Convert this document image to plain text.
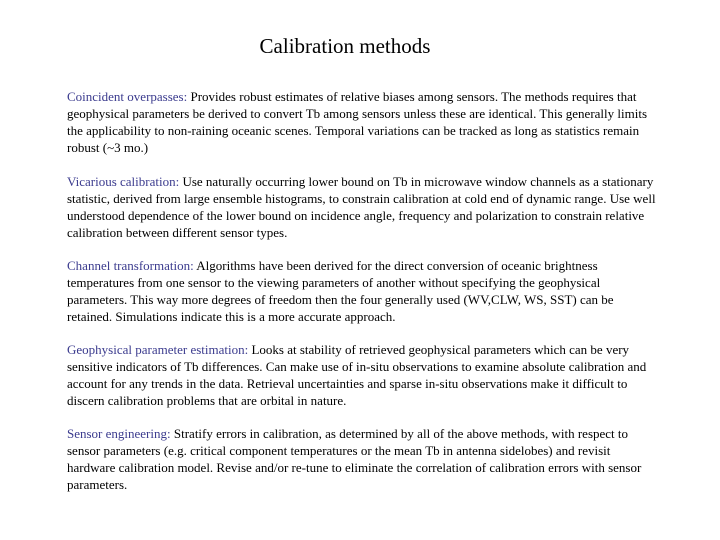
Calibration methods
Coincident overpasses: Provides robust estimates of relative biases among sensors. The methods requires that geophysical parameters be derived to convert Tb among sensors unless these are identical. This generally limits the applicability to non-raining oceanic scenes. Temporal variations can be tracked as long as statistics remain robust (~3 mo.)
Vicarious calibration: Use naturally occurring lower bound on Tb in microwave window channels as a stationary statistic, derived from large ensemble histograms, to constrain calibration at cold end of dynamic range. Use well understood dependence of the lower bound on incidence angle, frequency and polarization to constrain relative calibration between different sensor types.
Channel transformation: Algorithms have been derived for the direct conversion of oceanic brightness temperatures from one sensor to the viewing parameters of another without specifying the geophysical parameters. This way more degrees of freedom then the four generally used (WV,CLW, WS, SST) can be retained. Simulations indicate this is a more accurate approach.
Geophysical parameter estimation: Looks at stability of retrieved geophysical parameters which can be very sensitive indicators of Tb differences. Can make use of in-situ observations to examine absolute calibration and account for any trends in the data. Retrieval uncertainties and sparse in-situ observations make it difficult to discern calibration problems that are orbital in nature.
Sensor engineering: Stratify errors in calibration, as determined by all of the above methods, with respect to sensor parameters (e.g. critical component temperatures or the mean Tb in antenna sidelobes) and revisit hardware calibration model. Revise and/or re-tune to eliminate the correlation of calibration errors with sensor parameters.
